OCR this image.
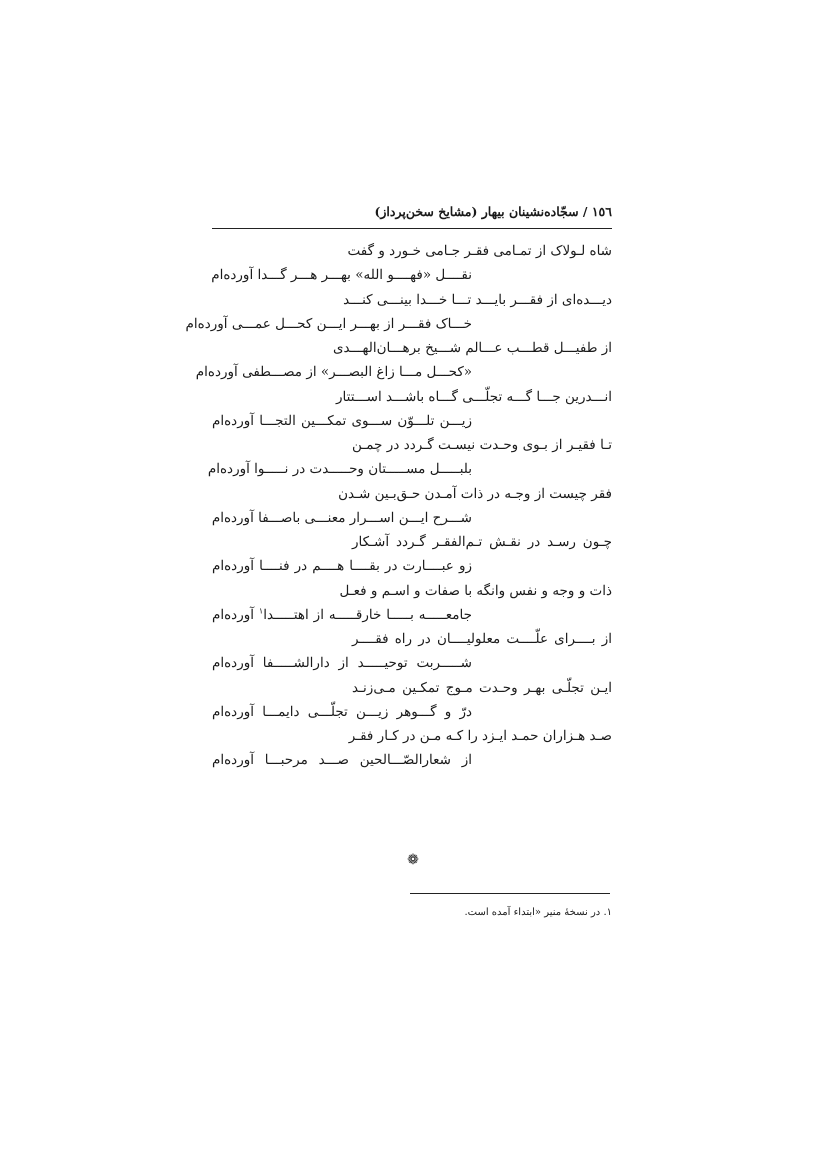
١٥٦ / سجّاده‌نشینان بیهار (مشایخ سخن‌پرداز)
شاه لـولاک از تمـامی فقـر جـامی خـورد و گفت
نقــــل «فهــــو الله» بهـــر هـــر گـــدا آورده‌ام
دیـــده‌ای از فقـــر بایـــد تـــا خـــدا بینـــی کنـــد
خـــاک فقـــر از بهـــر ایـــن کحـــل عمـــی آورده‌ام
از طفیـــل قطـــب عـــالم شـــیخ برهـــان‌الهـــدی
«کحـــل مـــا زاغ البصـــر» از مصـــطفی آورده‌ام
انـــدرین جـــا گـــه تجلّـــی گـــاه باشـــد اســـتتار
زیـــن تلـــوّن ســـوی تمکـــین التجـــا آورده‌ام
تـا فقیـر از بـوی وحـدت نیسـت گـردد در چمـن
بلبـــــل مســـــتان وحـــــدت در نـــــوا آورده‌ام
فقر چیست از وجـه در ذات آمـدن حـق‌بـین شـدن
شـــرح ایـــن اســـرار معنـــی باصـــفا آورده‌ام
چـون رسـد در نقـش تـم‌الفقـر گـردد آشـکار
زو عبــــارت در بقــــا هــــم در فنــــا آورده‌ام
ذات و وجه و نفس وانگه با صفات و اسـم و فعـل
جامعـــــه بـــــا خارقـــــه از اهتـــــدا$^١$ آورده‌ام
از بــــرای علّــــت معلولیــــان در راه فقــــر
شـــــربت توحیـــــد از دارالشـــــفا آورده‌ام
ایـن تجلّـی بهـر وحـدت مـوج تمکـین مـی‌زنـد
درّ و گـــوهر زیـــن تجلّـــی دایمـــا آورده‌ام
صـد هـزاران حمـد ایـزد را کـه مـن در کـار فقـر
از شعارالصّـــالحین صـــد مرحبـــا آورده‌ام
❁
١. در نسخهٔ منیر «ابتداء آمده است.
